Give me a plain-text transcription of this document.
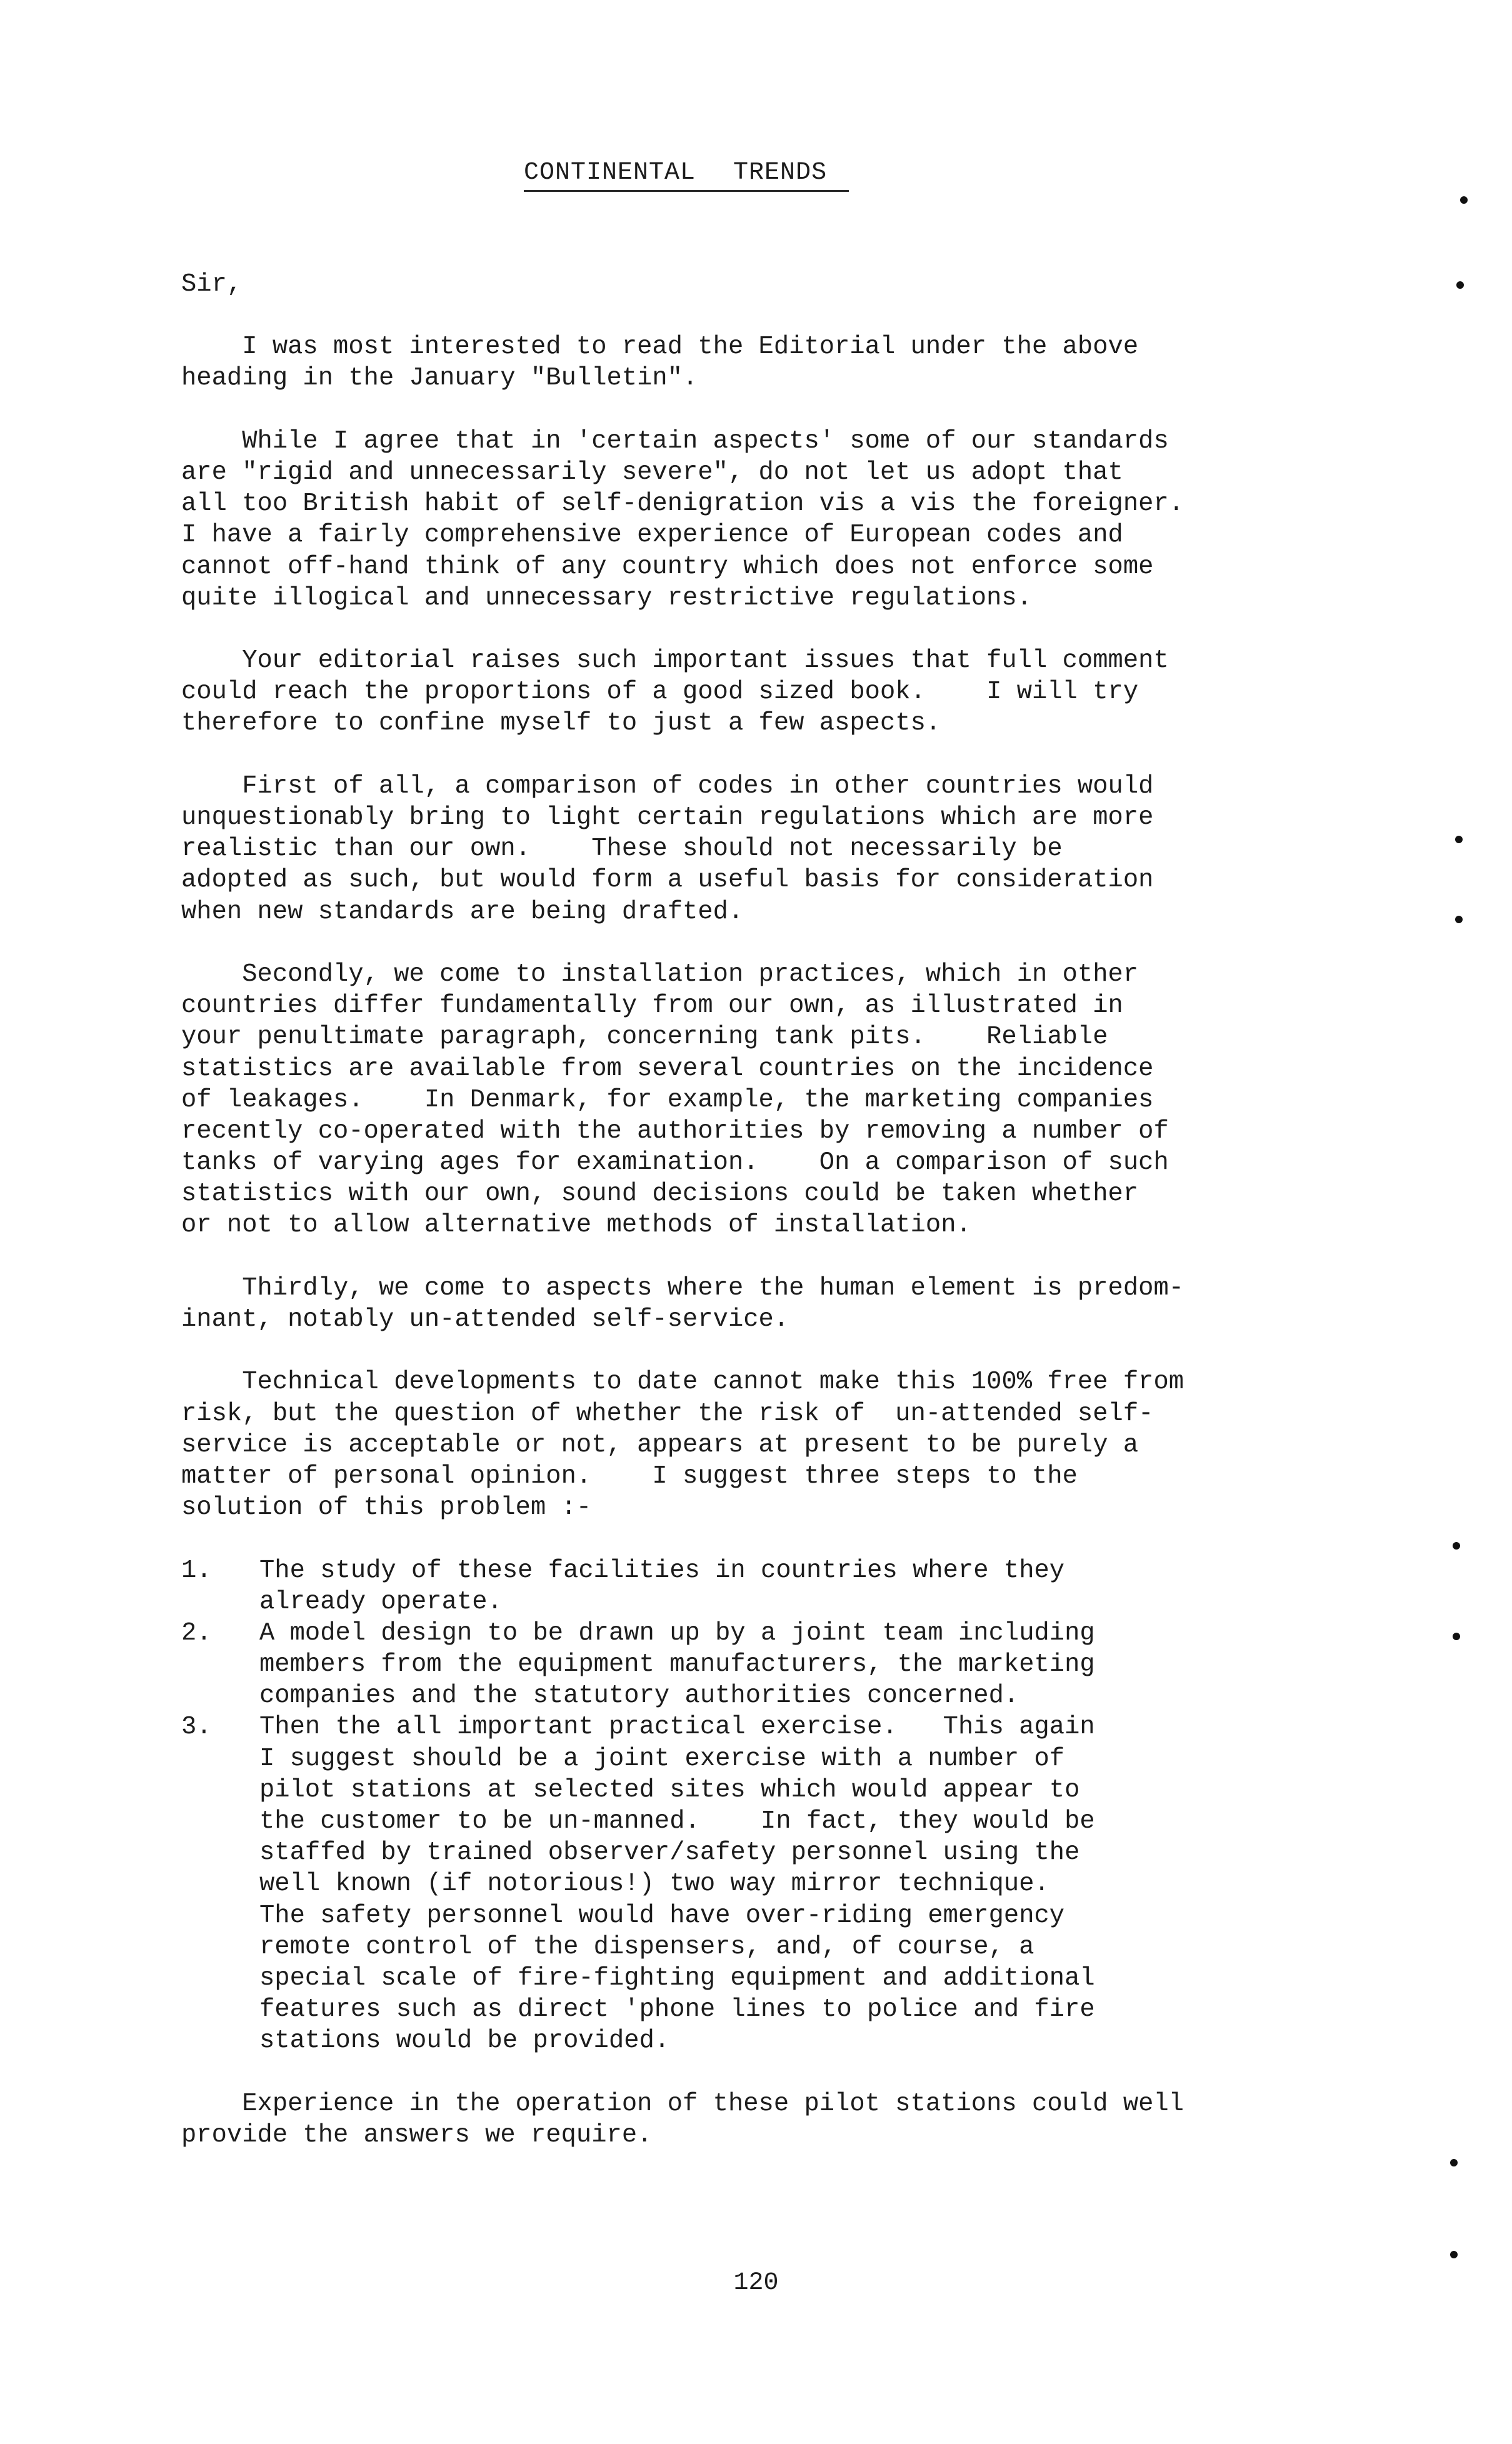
CONTINENTAL TRENDS
Sir,
I was most interested to read the Editorial under the above
heading in the January "Bulletin".
While I agree that in 'certain aspects' some of our standards
are "rigid and unnecessarily severe", do not let us adopt that
all too British habit of self-denigration vis a vis the foreigner.
I have a fairly comprehensive experience of European codes and
cannot off-hand think of any country which does not enforce some
quite illogical and unnecessary restrictive regulations.
Your editorial raises such important issues that full comment
could reach the proportions of a good sized book.    I will try
therefore to confine myself to just a few aspects.
First of all, a comparison of codes in other countries would
unquestionably bring to light certain regulations which are more
realistic than our own.    These should not necessarily be
adopted as such, but would form a useful basis for consideration
when new standards are being drafted.
Secondly, we come to installation practices, which in other
countries differ fundamentally from our own, as illustrated in
your penultimate paragraph, concerning tank pits.    Reliable
statistics are available from several countries on the incidence
of leakages.    In Denmark, for example, the marketing companies
recently co-operated with the authorities by removing a number of
tanks of varying ages for examination.    On a comparison of such
statistics with our own, sound decisions could be taken whether
or not to allow alternative methods of installation.
Thirdly, we come to aspects where the human element is predom-
inant, notably un-attended self-service.
Technical developments to date cannot make this 100% free from
risk, but the question of whether the risk of  un-attended self-
service is acceptable or not, appears at present to be purely a
matter of personal opinion.    I suggest three steps to the
solution of this problem :-
1.	The study of these facilities in countries where they
already operate.
2.	A model design to be drawn up by a joint team including
members from the equipment manufacturers, the marketing
companies and the statutory authorities concerned.
3.	Then the all important practical exercise.   This again
I suggest should be a joint exercise with a number of
pilot stations at selected sites which would appear to
the customer to be un-manned.    In fact, they would be
staffed by trained observer/safety personnel using the
well known (if notorious!) two way mirror technique.
The safety personnel would have over-riding emergency
remote control of the dispensers, and, of course, a
special scale of fire-fighting equipment and additional
features such as direct 'phone lines to police and fire
stations would be provided.
Experience in the operation of these pilot stations could well
provide the answers we require.
120
